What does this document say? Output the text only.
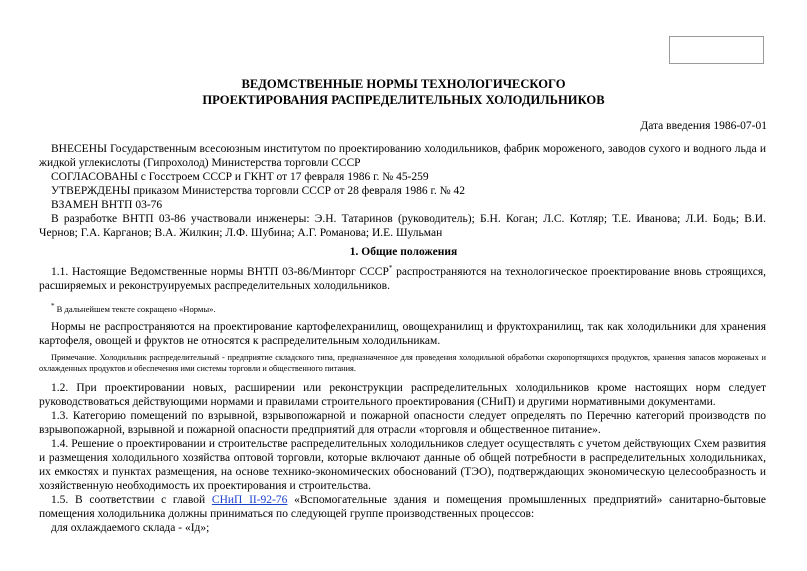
ВЕДОМСТВЕННЫЕ НОРМЫ ТЕХНОЛОГИЧЕСКОГО
ПРОЕКТИРОВАНИЯ РАСПРЕДЕЛИТЕЛЬНЫХ ХОЛОДИЛЬНИКОВ
Дата введения 1986-07-01

ВНЕСЕНЫ Государственным всесоюзным институтом по проектированию холодильников, фабрик мороженого, заводов сухого и водного льда и жидкой углекислоты (Гипрохолод) Министерства торговли СССР

СОГЛАСОВАНЫ с Госстроем СССР и ГКНТ от 17 февраля 1986 г. № 45-259

УТВЕРЖДЕНЫ приказом Министерства торговли СССР от 28 февраля 1986 г. № 42

ВЗАМЕН ВНТП 03-76

В разработке ВНТП 03-86 участвовали инженеры: Э.Н. Татаринов (руководитель); Б.Н. Коган; Л.С. Котляр; Т.Е. Иванова; Л.И. Бодь; В.И. Чернов; Г.А. Карганов; В.А. Жилкин; Л.Ф. Шубина; А.Г. Романова; И.Е. Шульман

1. Общие положения

1.1. Настоящие Ведомственные нормы ВНТП 03-86/Минторг СССР* распространяются на технологическое проектирование вновь строящихся, расширяемых и реконструируемых распределительных холодильников.

* В дальнейшем тексте сокращено «Нормы».

Нормы не распространяются на проектирование картофелехранилищ, овощехранилищ и фруктохранилищ, так как холодильники для хранения картофеля, овощей и фруктов не относятся к распределительным холодильникам.

Примечание. Холодильник распределительный - предприятие складского типа, предназначенное для проведения холодильной обработки скоропортящихся продуктов, хранения запасов мороженых и охлажденных продуктов и обеспечения ими системы торговли и общественного питания.

1.2. При проектировании новых, расширении или реконструкции распределительных холодильников кроме настоящих норм следует руководствоваться действующими нормами и правилами строительного проектирования (СНиП) и другими нормативными документами.

1.3. Категорию помещений по взрывной, взрывопожарной и пожарной опасности следует определять по Перечню категорий производств по взрывопожарной, взрывной и пожарной опасности предприятий для отрасли «торговля и общественное питание».

1.4. Решение о проектировании и строительстве распределительных холодильников следует осуществлять с учетом действующих Схем развития и размещения холодильного хозяйства оптовой торговли, которые включают данные об общей потребности в распределительных холодильниках, их емкостях и пунктах размещения, на основе технико-экономических обоснований (ТЭО), подтверждающих экономическую целесообразность и хозяйственную необходимость их проектирования и строительства.

1.5. В соответствии с главой СНиП II-92-76 «Вспомогательные здания и помещения промышленных предприятий» санитарно-бытовые помещения холодильника должны приниматься по следующей группе производственных процессов:

для охлаждаемого склада - «Iд»;
